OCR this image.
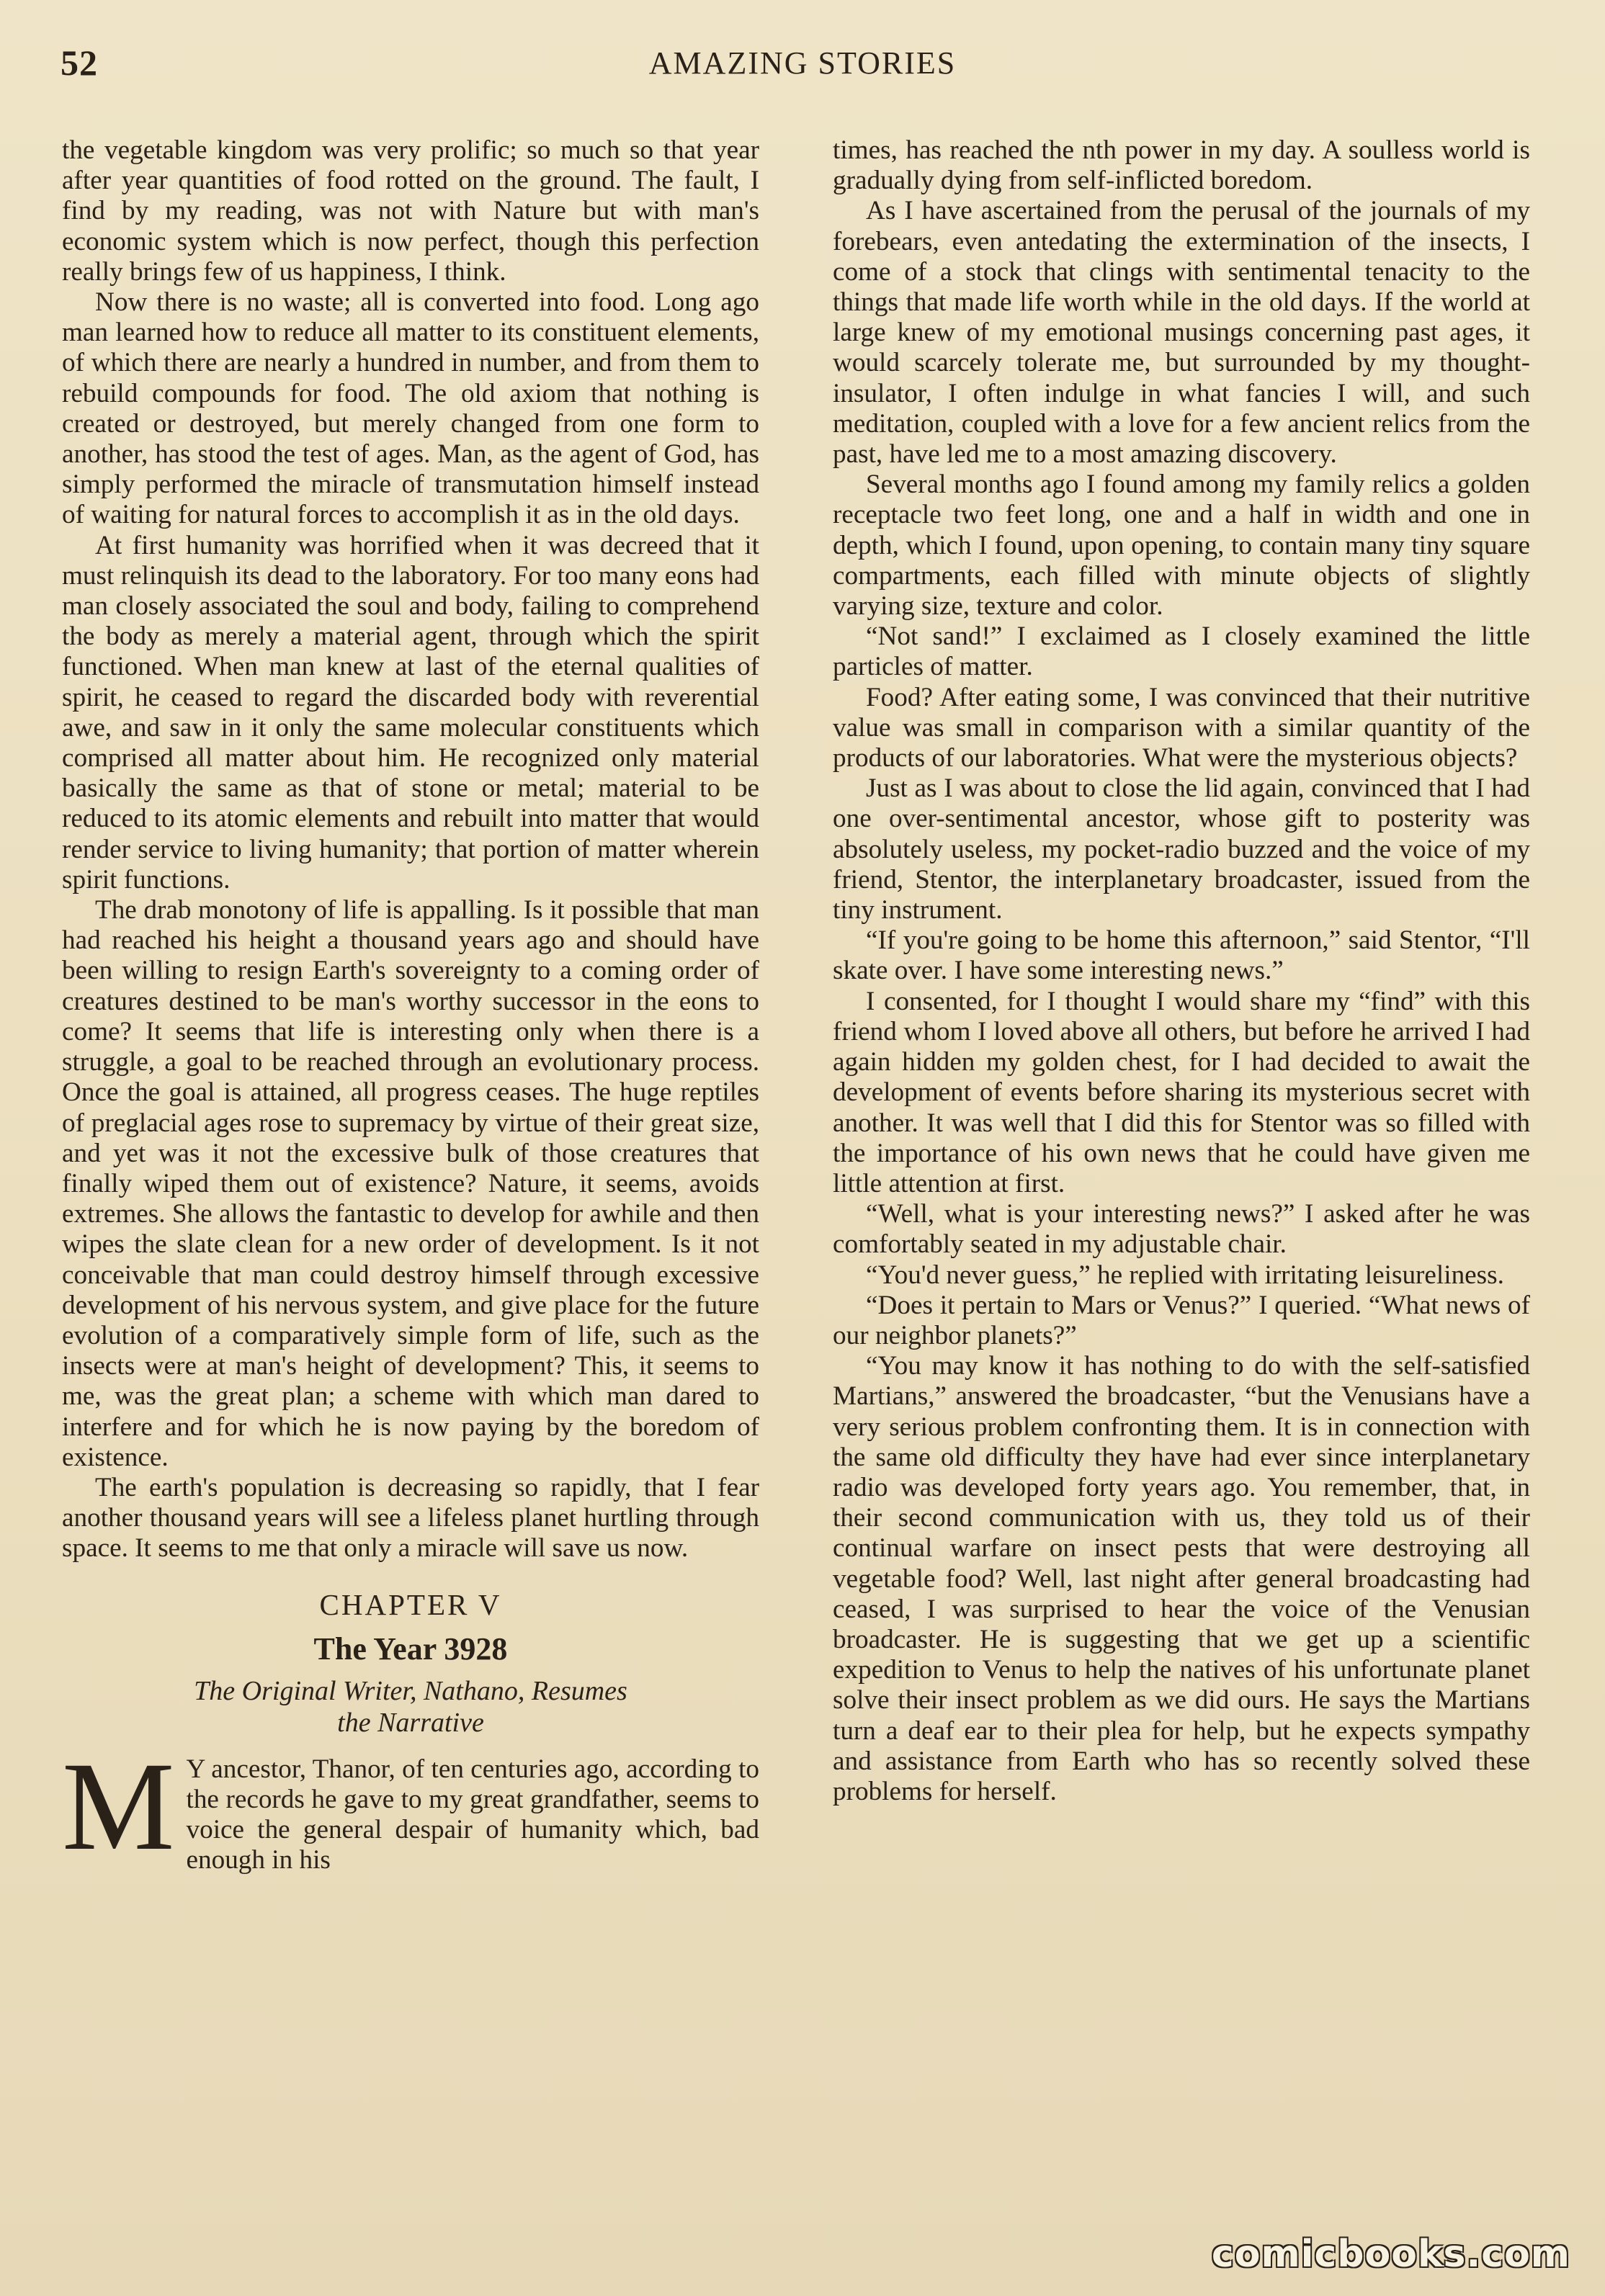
52	AMAZING STORIES

the vegetable kingdom was very prolific; so much so that year after year quantities of food rotted on the ground. The fault, I find by my reading, was not with Nature but with man's economic system which is now perfect, though this perfection really brings few of us happiness, I think.

Now there is no waste; all is converted into food. Long ago man learned how to reduce all matter to its constituent elements, of which there are nearly a hundred in number, and from them to rebuild compounds for food. The old axiom that nothing is created or destroyed, but merely changed from one form to another, has stood the test of ages. Man, as the agent of God, has simply performed the miracle of transmutation himself instead of waiting for natural forces to accomplish it as in the old days.

At first humanity was horrified when it was decreed that it must relinquish its dead to the laboratory. For too many eons had man closely associated the soul and body, failing to comprehend the body as merely a material agent, through which the spirit functioned. When man knew at last of the eternal qualities of spirit, he ceased to regard the discarded body with reverential awe, and saw in it only the same molecular constituents which comprised all matter about him. He recognized only material basically the same as that of stone or metal; material to be reduced to its atomic elements and rebuilt into matter that would render service to living humanity; that portion of matter wherein spirit functions.

The drab monotony of life is appalling. Is it possible that man had reached his height a thousand years ago and should have been willing to resign Earth's sovereignty to a coming order of creatures destined to be man's worthy successor in the eons to come? It seems that life is interesting only when there is a struggle, a goal to be reached through an evolutionary process. Once the goal is attained, all progress ceases. The huge reptiles of preglacial ages rose to supremacy by virtue of their great size, and yet was it not the excessive bulk of those creatures that finally wiped them out of existence? Nature, it seems, avoids extremes. She allows the fantastic to develop for awhile and then wipes the slate clean for a new order of development. Is it not conceivable that man could destroy himself through excessive development of his nervous system, and give place for the future evolution of a comparatively simple form of life, such as the insects were at man's height of development? This, it seems to me, was the great plan; a scheme with which man dared to interfere and for which he is now paying by the boredom of existence.

The earth's population is decreasing so rapidly, that I fear another thousand years will see a lifeless planet hurtling through space. It seems to me that only a miracle will save us now.

CHAPTER V
The Year 3928
The Original Writer, Nathano, Resumes
the Narrative

M Y ancestor, Thanor, of ten centuries ago, according to the records he gave to my great grandfather, seems to voice the general despair of humanity which, bad enough in his

times, has reached the nth power in my day. A soulless world is gradually dying from self-inflicted boredom.

As I have ascertained from the perusal of the journals of my forebears, even antedating the extermination of the insects, I come of a stock that clings with sentimental tenacity to the things that made life worth while in the old days. If the world at large knew of my emotional musings concerning past ages, it would scarcely tolerate me, but surrounded by my thought-insulator, I often indulge in what fancies I will, and such meditation, coupled with a love for a few ancient relics from the past, have led me to a most amazing discovery.

Several months ago I found among my family relics a golden receptacle two feet long, one and a half in width and one in depth, which I found, upon opening, to contain many tiny square compartments, each filled with minute objects of slightly varying size, texture and color.

“Not sand!” I exclaimed as I closely examined the little particles of matter.

Food? After eating some, I was convinced that their nutritive value was small in comparison with a similar quantity of the products of our laboratories. What were the mysterious objects?

Just as I was about to close the lid again, convinced that I had one over-sentimental ancestor, whose gift to posterity was absolutely useless, my pocket-radio buzzed and the voice of my friend, Stentor, the interplanetary broadcaster, issued from the tiny instrument.

“If you're going to be home this afternoon,” said Stentor, “I'll skate over. I have some interesting news.”

I consented, for I thought I would share my “find” with this friend whom I loved above all others, but before he arrived I had again hidden my golden chest, for I had decided to await the development of events before sharing its mysterious secret with another. It was well that I did this for Stentor was so filled with the importance of his own news that he could have given me little attention at first.

“Well, what is your interesting news?” I asked after he was comfortably seated in my adjustable chair.

“You'd never guess,” he replied with irritating leisureliness.

“Does it pertain to Mars or Venus?” I queried. “What news of our neighbor planets?”

“You may know it has nothing to do with the self-satisfied Martians,” answered the broadcaster, “but the Venusians have a very serious problem confronting them. It is in connection with the same old difficulty they have had ever since interplanetary radio was developed forty years ago. You remember, that, in their second communication with us, they told us of their continual warfare on insect pests that were destroying all vegetable food? Well, last night after general broadcasting had ceased, I was surprised to hear the voice of the Venusian broadcaster. He is suggesting that we get up a scientific expedition to Venus to help the natives of his unfortunate planet solve their insect problem as we did ours. He says the Martians turn a deaf ear to their plea for help, but he expects sympathy and assistance from Earth who has so recently solved these problems for herself.

comicbooks.com
